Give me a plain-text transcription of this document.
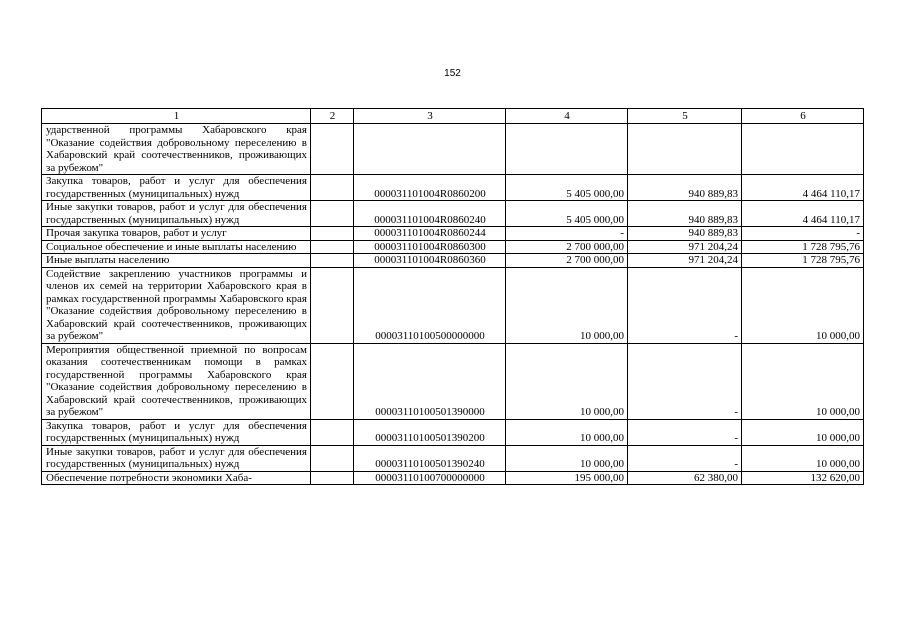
152
1	2	3	4	5	6
ударственной программы Хабаровского края "Оказание содействия добровольному переселению в Хабаровский край соотечественников, проживающих за рубежом"					
Закупка товаров, работ и услуг для обеспечения государственных (муниципальных) нужд		000031101004R0860200	5 405 000,00	940 889,83	4 464 110,17
Иные закупки товаров, работ и услуг для обеспечения государственных (муниципальных) нужд		000031101004R0860240	5 405 000,00	940 889,83	4 464 110,17
Прочая закупка товаров, работ и услуг		000031101004R0860244	-	940 889,83	-
Социальное обеспечение и иные выплаты населению		000031101004R0860300	2 700 000,00	971 204,24	1 728 795,76
Иные выплаты населению		000031101004R0860360	2 700 000,00	971 204,24	1 728 795,76
Содействие закреплению участников программы и членов их семей на территории Хабаровского края в рамках государственной программы Хабаровского края "Оказание содействия добровольному переселению в Хабаровский край соотечественников, проживающих за рубежом"		00003110100500000000	10 000,00	-	10 000,00
Мероприятия общественной приемной по вопросам оказания соотечественникам помощи в рамках государственной программы Хабаровского края "Оказание содействия добровольному переселению в Хабаровский край соотечественников, проживающих за рубежом"		00003110100501390000	10 000,00	-	10 000,00
Закупка товаров, работ и услуг для обеспечения государственных (муниципальных) нужд		00003110100501390200	10 000,00	-	10 000,00
Иные закупки товаров, работ и услуг для обеспечения государственных (муниципальных) нужд		00003110100501390240	10 000,00	-	10 000,00
Обеспечение потребности экономики Хаба-		00003110100700000000	195 000,00	62 380,00	132 620,00
